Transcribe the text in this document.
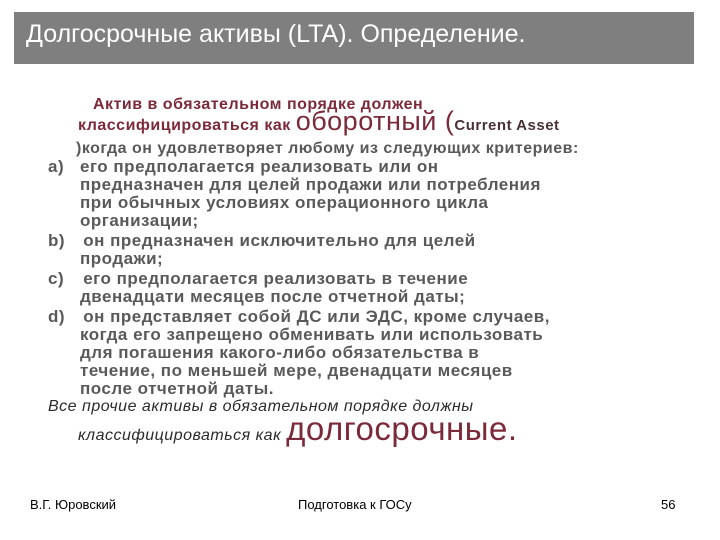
Долгосрочные активы (LTA). Определение.
Актив в обязательном порядке должен
классифицироваться как оборотный (Current Asset
)когда он удовлетворяет любому из следующих критериев:
a) его предполагается реализовать или он
предназначен для целей продажи или потребления
при обычных условиях операционного цикла
организации;
b) он предназначен исключительно для целей
продажи;
c) его предполагается реализовать в течение
двенадцати месяцев после отчетной даты;
d) он представляет собой ДС или ЭДС, кроме случаев,
когда его запрещено обменивать или использовать
для погашения какого-либо обязательства в
течение, по меньшей мере, двенадцати месяцев
после отчетной даты.
Все прочие активы в обязательном порядке должны
классифицироваться как долгосрочные.
В.Г. Юровский	Подготовка к ГОСу	56
